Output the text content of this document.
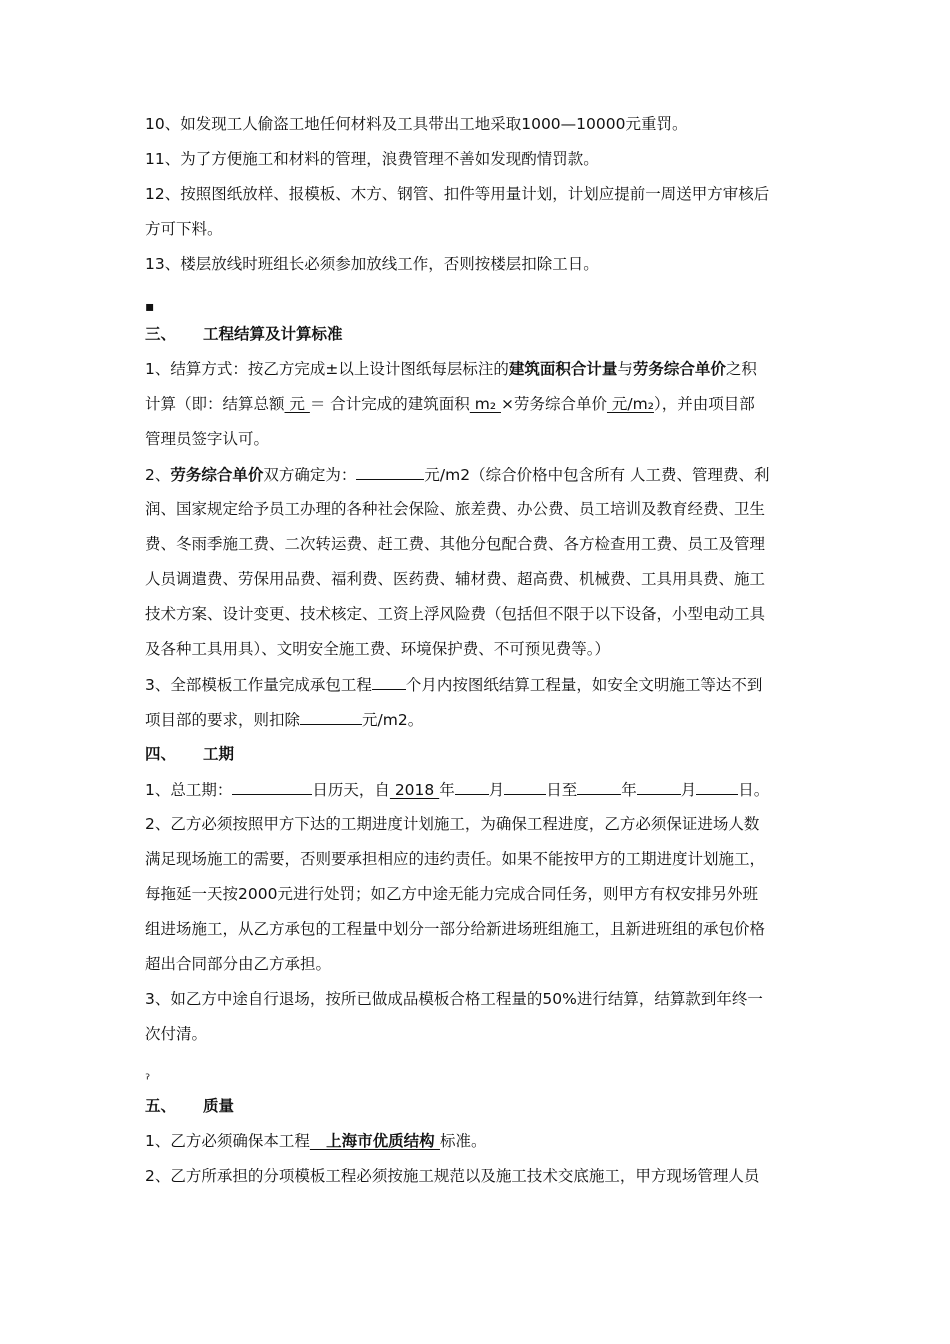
10、如发现工人偷盗工地任何材料及工具带出工地采取1000—10000元重罚。
11、为了方便施工和材料的管理，浪费管理不善如发现酌情罚款。
12、按照图纸放样、报模板、木方、钢管、扣件等用量计划，计划应提前一周送甲方审核后
方可下料。
13、楼层放线时班组长必须参加放线工作，否则按楼层扣除工日。
▪
三、 工程结算及计算标准
1、结算方式：按乙方完成±以上设计图纸每层标注的建筑面积合计量与劳务综合单价之积
计算（即：结算总额 元 ＝ 合计完成的建筑面积 m₂ ×劳务综合单价 元/m₂），并由项目部
管理员签字认可。
2、劳务综合单价双方确定为：	元/m2（综合价格中包含所有 人工费、管理费、利
润、国家规定给予员工办理的各种社会保险、旅差费、办公费、员工培训及教育经费、卫生
费、冬雨季施工费、二次转运费、赶工费、其他分包配合费、各方检查用工费、员工及管理
人员调遣费、劳保用品费、福利费、医药费、辅材费、超高费、机械费、工具用具费、施工
技术方案、设计变更、技术核定、工资上浮风险费（包括但不限于以下设备，小型电动工具
及各种工具用具）、文明安全施工费、环境保护费、不可预见费等。）
3、全部模板工作量完成承包工程 个月内按图纸结算工程量，如安全文明施工等达不到
项目部的要求，则扣除	元/m2。
四、 工期
1、总工期：	日历天，自 2018 年 月	日至	年	月	日。
2、乙方必须按照甲方下达的工期进度计划施工，为确保工程进度，乙方必须保证进场人数
满足现场施工的需要，否则要承担相应的违约责任。如果不能按甲方的工期进度计划施工，
每拖延一天按2000元进行处罚；如乙方中途无能力完成合同任务，则甲方有权安排另外班
组进场施工，从乙方承包的工程量中划分一部分给新进场班组施工，且新进班组的承包价格
超出合同部分由乙方承担。
3、如乙方中途自行退场，按所已做成品模板合格工程量的50%进行结算，结算款到年终一
次付清。
ˀ
五、 质量
1、乙方必须确保本工程   上海市优质结构 标准。
2、乙方所承担的分项模板工程必须按施工规范以及施工技术交底施工，甲方现场管理人员
